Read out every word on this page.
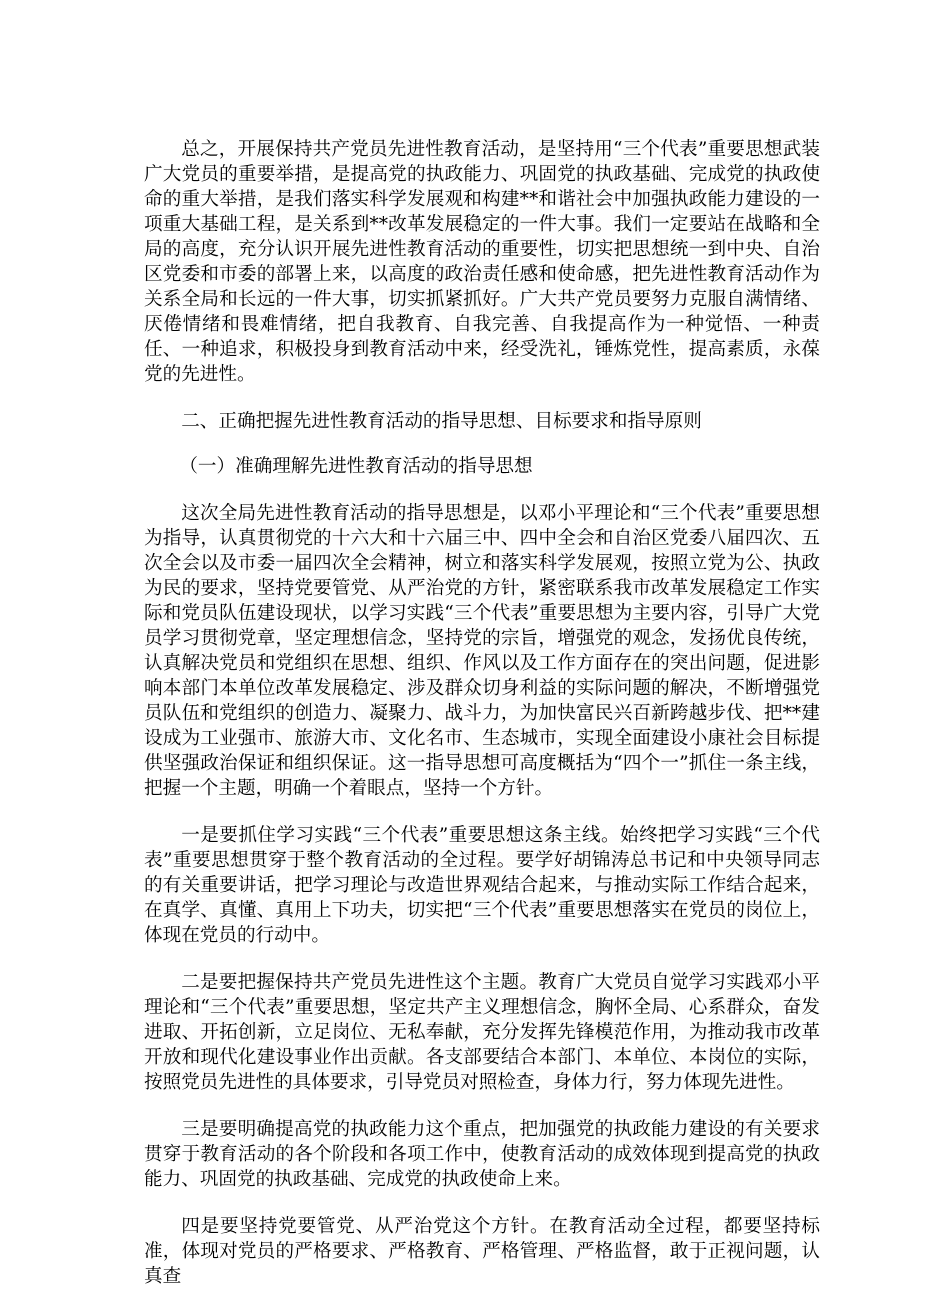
总之，开展保持共产党员先进性教育活动，是坚持用“三个代表”重要思想武装广大党员的重要举措，是提高党的执政能力、巩固党的执政基础、完成党的执政使命的重大举措，是我们落实科学发展观和构建**和谐社会中加强执政能力建设的一项重大基础工程，是关系到**改革发展稳定的一件大事。我们一定要站在战略和全局的高度，充分认识开展先进性教育活动的重要性，切实把思想统一到中央、自治区党委和市委的部署上来，以高度的政治责任感和使命感，把先进性教育活动作为关系全局和长远的一件大事，切实抓紧抓好。广大共产党员要努力克服自满情绪、厌倦情绪和畏难情绪，把自我教育、自我完善、自我提高作为一种觉悟、一种责任、一种追求，积极投身到教育活动中来，经受洗礼，锤炼党性，提高素质，永葆党的先进性。

二、正确把握先进性教育活动的指导思想、目标要求和指导原则

（一）准确理解先进性教育活动的指导思想

这次全局先进性教育活动的指导思想是，以邓小平理论和“三个代表”重要思想为指导，认真贯彻党的十六大和十六届三中、四中全会和自治区党委八届四次、五次全会以及市委一届四次全会精神，树立和落实科学发展观，按照立党为公、执政为民的要求，坚持党要管党、从严治党的方针，紧密联系我市改革发展稳定工作实际和党员队伍建设现状，以学习实践“三个代表”重要思想为主要内容，引导广大党员学习贯彻党章，坚定理想信念，坚持党的宗旨，增强党的观念，发扬优良传统，认真解决党员和党组织在思想、组织、作风以及工作方面存在的突出问题，促进影响本部门本单位改革发展稳定、涉及群众切身利益的实际问题的解决，不断增强党员队伍和党组织的创造力、凝聚力、战斗力，为加快富民兴百新跨越步伐、把**建设成为工业强市、旅游大市、文化名市、生态城市，实现全面建设小康社会目标提供坚强政治保证和组织保证。这一指导思想可高度概括为“四个一”抓住一条主线，把握一个主题，明确一个着眼点，坚持一个方针。

一是要抓住学习实践“三个代表”重要思想这条主线。始终把学习实践“三个代表”重要思想贯穿于整个教育活动的全过程。要学好胡锦涛总书记和中央领导同志的有关重要讲话，把学习理论与改造世界观结合起来，与推动实际工作结合起来，在真学、真懂、真用上下功夫，切实把“三个代表”重要思想落实在党员的岗位上，体现在党员的行动中。

二是要把握保持共产党员先进性这个主题。教育广大党员自觉学习实践邓小平理论和“三个代表”重要思想，坚定共产主义理想信念，胸怀全局、心系群众，奋发进取、开拓创新，立足岗位、无私奉献，充分发挥先锋模范作用，为推动我市改革开放和现代化建设事业作出贡献。各支部要结合本部门、本单位、本岗位的实际，按照党员先进性的具体要求，引导党员对照检查，身体力行，努力体现先进性。

三是要明确提高党的执政能力这个重点，把加强党的执政能力建设的有关要求贯穿于教育活动的各个阶段和各项工作中，使教育活动的成效体现到提高党的执政能力、巩固党的执政基础、完成党的执政使命上来。

四是要坚持党要管党、从严治党这个方针。在教育活动全过程，都要坚持标准，体现对党员的严格要求、严格教育、严格管理、严格监督，敢于正视问题，认真查
